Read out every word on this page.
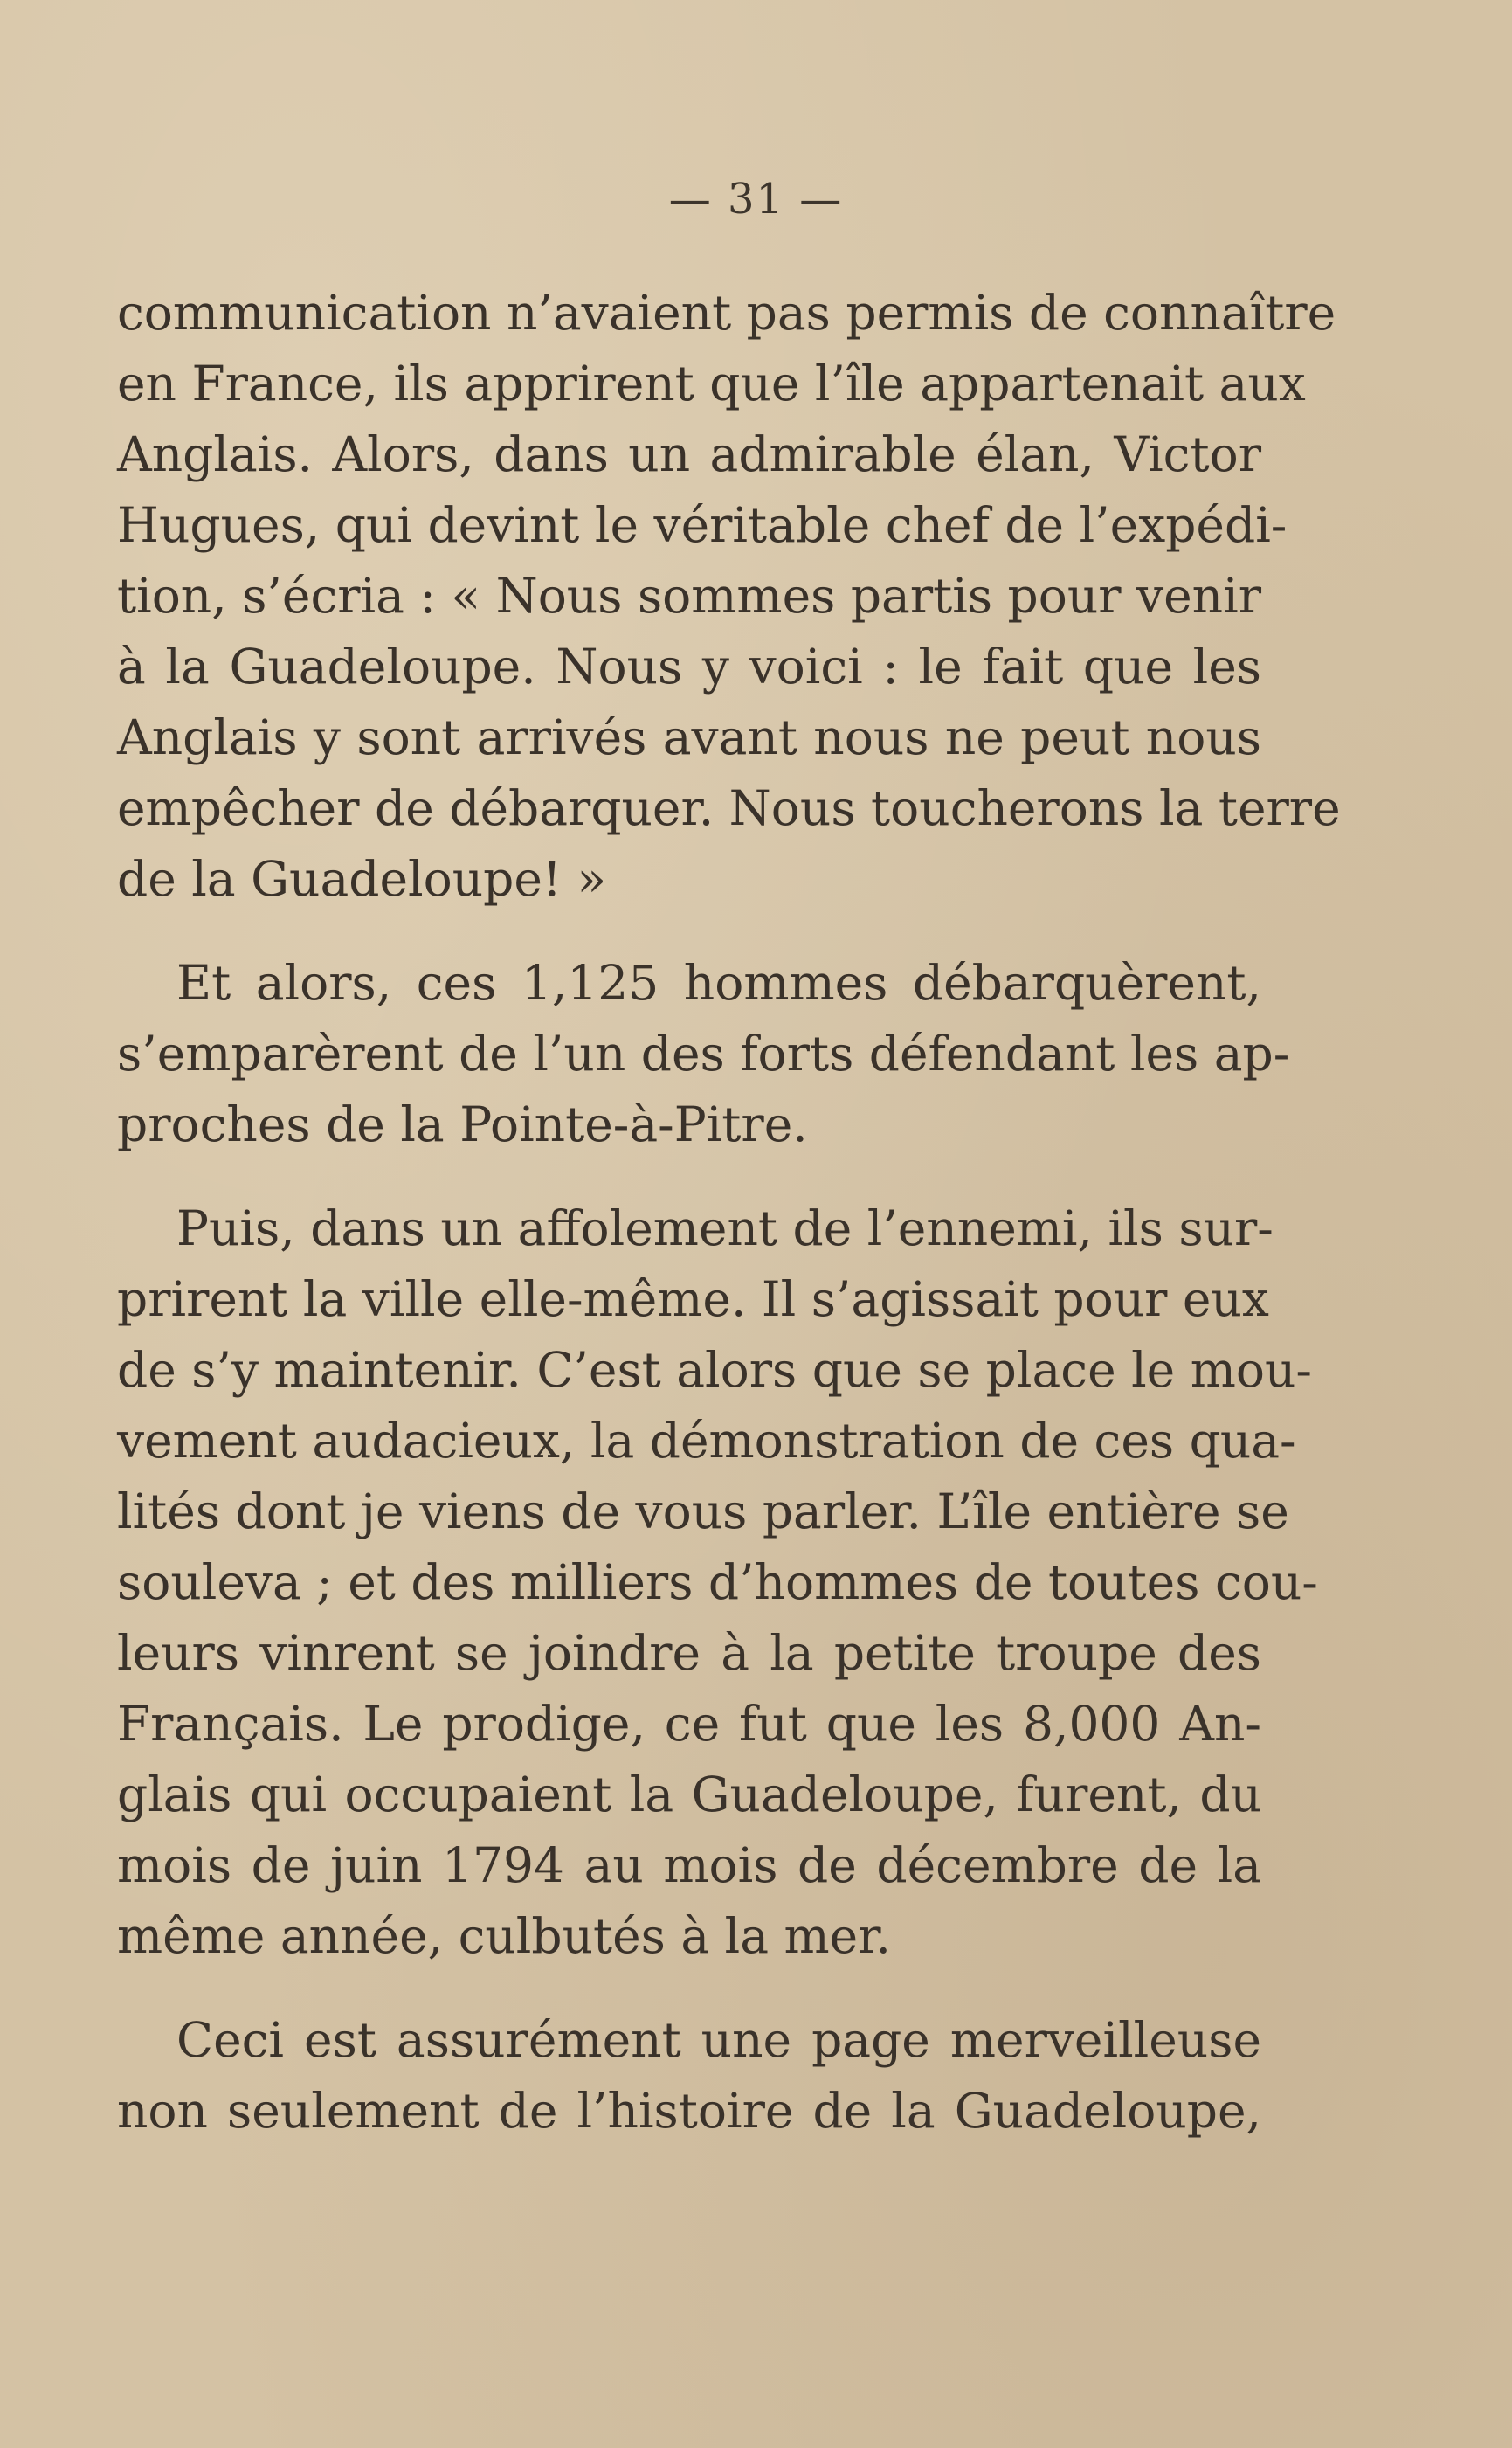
— 31 —
communication n’avaient pas permis de connaître
en France, ils apprirent que l’île appartenait aux
Anglais. Alors, dans un admirable élan, Victor
Hugues, qui devint le véritable chef de l’expédi-
tion, s’écria : « Nous sommes partis pour venir
à la Guadeloupe. Nous y voici : le fait que les
Anglais y sont arrivés avant nous ne peut nous
empêcher de débarquer. Nous toucherons la terre
de la Guadeloupe! »
Et alors, ces 1,125 hommes débarquèrent,
s’emparèrent de l’un des forts défendant les ap-
proches de la Pointe-à-Pitre.
Puis, dans un affolement de l’ennemi, ils sur-
prirent la ville elle-même. Il s’agissait pour eux
de s’y maintenir. C’est alors que se place le mou-
vement audacieux, la démonstration de ces qua-
lités dont je viens de vous parler. L’île entière se
souleva ; et des milliers d’hommes de toutes cou-
leurs vinrent se joindre à la petite troupe des
Français. Le prodige, ce fut que les 8,000 An-
glais qui occupaient la Guadeloupe, furent, du
mois de juin 1794 au mois de décembre de la
même année, culbutés à la mer.
Ceci est assurément une page merveilleuse
non seulement de l’histoire de la Guadeloupe,
